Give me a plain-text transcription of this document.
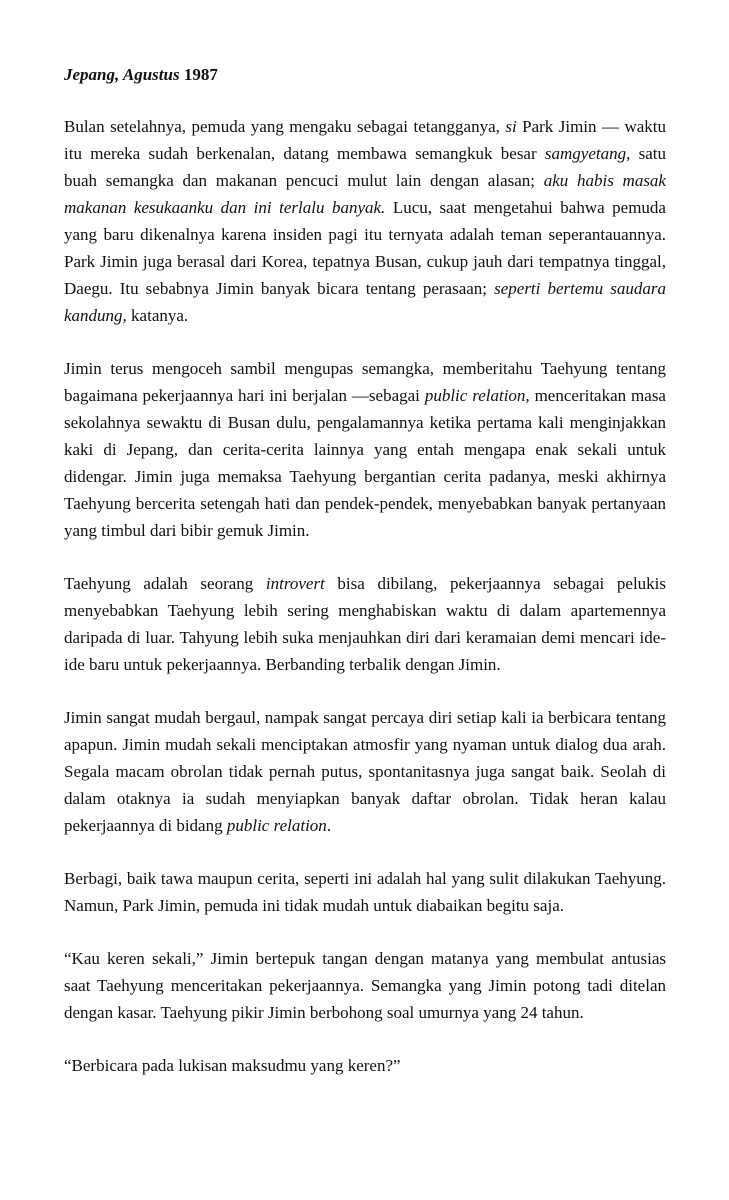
Jepang, Agustus 1987

Bulan setelahnya, pemuda yang mengaku sebagai tetangganya, si Park Jimin — waktu itu mereka sudah berkenalan, datang membawa semangkuk besar samgyetang, satu buah semangka dan makanan pencuci mulut lain dengan alasan; aku habis masak makanan kesukaanku dan ini terlalu banyak. Lucu, saat mengetahui bahwa pemuda yang baru dikenalnya karena insiden pagi itu ternyata adalah teman seperantauannya. Park Jimin juga berasal dari Korea, tepatnya Busan, cukup jauh dari tempatnya tinggal, Daegu. Itu sebabnya Jimin banyak bicara tentang perasaan; seperti bertemu saudara kandung, katanya.

Jimin terus mengoceh sambil mengupas semangka, memberitahu Taehyung tentang bagaimana pekerjaannya hari ini berjalan —sebagai public relation, menceritakan masa sekolahnya sewaktu di Busan dulu, pengalamannya ketika pertama kali menginjakkan kaki di Jepang, dan cerita-cerita lainnya yang entah mengapa enak sekali untuk didengar. Jimin juga memaksa Taehyung bergantian cerita padanya, meski akhirnya Taehyung bercerita setengah hati dan pendek-pendek, menyebabkan banyak pertanyaan yang timbul dari bibir gemuk Jimin.

Taehyung adalah seorang introvert bisa dibilang, pekerjaannya sebagai pelukis menyebabkan Taehyung lebih sering menghabiskan waktu di dalam apartemennya daripada di luar. Tahyung lebih suka menjauhkan diri dari keramaian demi mencari ide-ide baru untuk pekerjaannya. Berbanding terbalik dengan Jimin.

Jimin sangat mudah bergaul, nampak sangat percaya diri setiap kali ia berbicara tentang apapun. Jimin mudah sekali menciptakan atmosfir yang nyaman untuk dialog dua arah. Segala macam obrolan tidak pernah putus, spontanitasnya juga sangat baik. Seolah di dalam otaknya ia sudah menyiapkan banyak daftar obrolan. Tidak heran kalau pekerjaannya di bidang public relation.

Berbagi, baik tawa maupun cerita, seperti ini adalah hal yang sulit dilakukan Taehyung. Namun, Park Jimin, pemuda ini tidak mudah untuk diabaikan begitu saja.

“Kau keren sekali,” Jimin bertepuk tangan dengan matanya yang membulat antusias saat Taehyung menceritakan pekerjaannya. Semangka yang Jimin potong tadi ditelan dengan kasar. Taehyung pikir Jimin berbohong soal umurnya yang 24 tahun.

“Berbicara pada lukisan maksudmu yang keren?”
